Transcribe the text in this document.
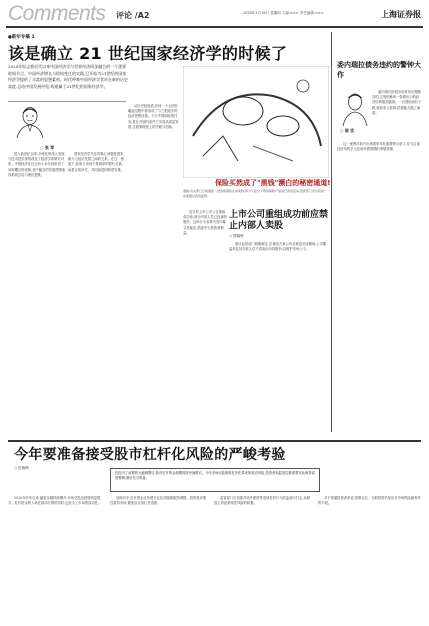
Comments 评论 /A2	2020年1月16日 星期四 主编:××× 责任编辑:×××	上海证券报
●新年专稿 1
该是确立 21 世纪国家经济学的时候了
2020年标志着近代以来中国经济学与世界经济同步融合的一个重要时间节点。中国经济增长与结构变迁的实践,已开始为21世纪的国家经济学提供了丰富的思想素材。时代呼唤中国经济学者站在新的历史高度,总结中国发展经验,构建属于21世纪的国家经济学。
○ 张 军

进入新世纪以来,全球化的深入发展与技术进步深刻改变了经济学的研究对象。中国经济在过去四十余年间取得了举世瞩目的成就,其中蕴含的发展逻辑值得系统总结与理论提炼。

国家经济学关注的核心问题是国家能力与经济发展之间的关系。在这一框架下,政府与市场不是简单的替代关系,而是互相补充、共同演进的制度安排。

从历史经验看,任何一个大国在崛起过程中都形成了与之相适应的经济思想体系。今天中国面临的任务,是在开放的条件下实现高质量发展,这需要理论上的突破与创新。

保险买然成了"黑钱"濒白的秘密通道!
漫画:有关部门日前通报一批违规保险业务案例,部分不法分子利用保险产品进行洗钱活动,监管部门表示将进一步加强反洗钱监管。
上市公司重组成功前应禁止内部人卖股
○ 熊锦秋

近日有上市公司公告重组成功前,部分内部人员已经减持股份。这种行为容易引发内幕交易疑虑,损害中小投资者利益。

建议监管部门明确规定,在重组方案公布至重组完成期间,公司董监高及其关联人员不得卖出所持股份,以维护市场公平。

委内瑞拉债务违约的警钟大作
○ 陈 实

委内瑞拉的债务危机再次提醒各国,过度依赖单一资源出口的经济结构极其脆弱。一旦国际油价下跌,财政收入锐减,偿债能力随之崩溃。

这一案例对新兴市场国家具有重要警示意义,应当注重经济结构多元化和外债规模的审慎管理。

今年要准备接受股市杠杆化风险的严峻考验
○ 皮海洲
在经历了前期的大幅调整后,股市杠杆资金规模再度快速增长。今年市场可能面临杠杆化带来的波动风险,投资者和监管层都需要对此保持高度警惕,做好充分准备。

2020年开年以来,融资余额持续攀升,市场交投活跃度明显提升。杠杆资金的入场在推动行情的同时,也放大了市场的波动性。

回顾历史,杠杆资金过快增长往往伴随着剧烈调整。投资者应理性看待市场,避免盲目加杠杆追涨。

监管部门应加强对场外配资等违规杠杆行为的监测与打击,从制度上防范系统性风险的积累。

对于普通投资者来说,控制仓位、分散投资仍是应对市场风险最有效的手段。
